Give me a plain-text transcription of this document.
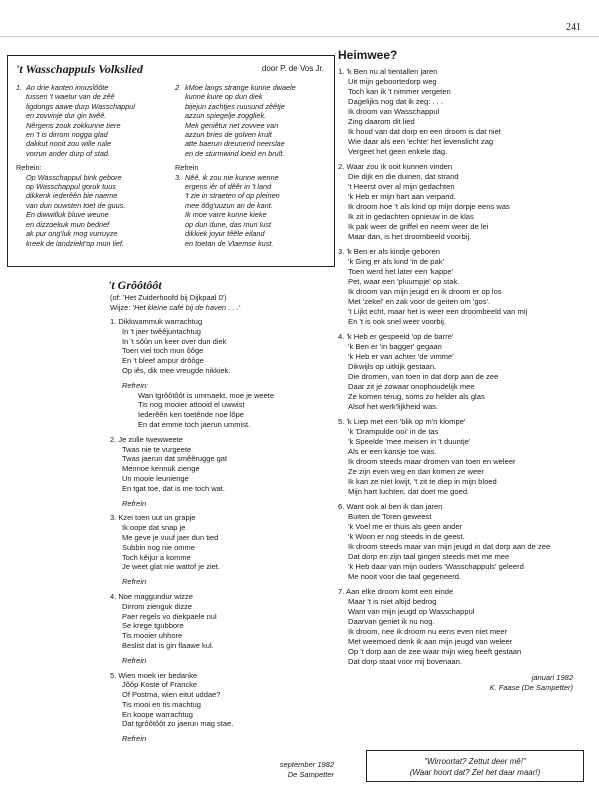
241
't Wasschappuls Volkslied	door P. de Vos Jr.
1. An drie kanten innuslôôte

tussen 't waetur van de zêê
ligdongs aawe durp Wasschappul
en zovvinje dur gin twêê.
Nêrgens zouk zokkunne tiere
en 't is dirrom nogga glad
dakkut nooit zou wille ruile
vorrun ander durp of stad.
Refrein:
Op Wasschappul bink gebore
op Wasschappul goruk tuus
dikkenk iederêên bie naeme
van dun ouwsten toet de guus.
En diwwilluk bluve weune
en dizzoekuk mun bedrief
ak pur ong'luk mog vurruyze
kreek de landziekt'op mun lief.
2. kMoe langs strange kunne dwaele

kunne kuire op dun diek
bijejun zachtjes ruusund zêêtje
azzun spiegelje zoggliek.
Mek geniêtur net zovvee van
azzun bries de golven krult
atte baerun dreunend neerslae
en de sturmwind loeid en brult.
Refrein
3. Nêê, ik zou nie kunne wenne

ergens iêr of dêêr in 't land
't zie in straeten of op pleinen
mee ôôg'uuzun an de kant.
Ik moe varre kunne kieke
op dun dune, das mun lust
dikkiek joyur têêle eiland
en toetan de Vlaemse kust.
't Grôôtôôt
(of: 'Het Zuiderhoofd bij Dijkpaal 0')
Wijze: 'Het kleine café bij de haven . . .'
1. Dikkwammuk warrachtug
In 't jaer twêêjuntachtug
In 't sôûn un keer over dun diek
Toen viel toch mun ôôge
En 't bleef ampur drôôge
Op iês, dik mee vreugde nikkiek.
Refrein:
Wan tgrôôtôôt is ummaekt, moe je weete
Tis nog mooier attooid el uwwist
Iederêên ken toetênde noe lôpe
En dat emme toch jaerun ummist.
2. Je zulle twewweete
Twas nie te vurgeete
Twas jaerun dat smêêrugge gat
Mennoe kennuk ziengе
Un mooie leunienge
En tgat toe, dat is me toch wat.
Refrein
3. Kzei toen uut un grapje
Ik oope dat snap je
Me geve je vuuf jaer dun tied
Subbin nog nie omme
Toch kêijur a komme
Je weet glat nie wattof je ziet.
Refrein
4. Noe maggundur wizze
Dirrom zienguk dizze
Paer regels vo diekpaele nul
Se krege tgubbore
Tis mooier uhhore
Beslist dat is gin flaawe kul.
Refrein
5. Wien moek ier bedanke
Jôôp Koste of Francke
Of Postma, wien eitut uddae?
Tis mooi en tis machtug
En koope warrachtug
Dat tgrôôtôôt zo jaerun mag stae.
Refrein
september 1982
De Sampetter
Heimwee?
1. 'k Ben nu al tientallen jaren
Uit mijn geboortedorp weg
Toch kan ik 't nimmer vergeten
Dagelijks nog dat ik zeg: . . .
Ik droom van Wasschappul
Zing daarom dit lied
Ik houd van dat dorp en een droom is dat niet
Wie daar als een 'echte' het levenslicht zag
Vergeet het geen enkele dag.
2. Waar zou ik ooit kunnen vinden
Die dijk en die duinen, dat strand
't Heerst over al mijn gedachten
'k Heb er mijn hart aan verpand.
Ik droom hoe 't als kind op mijn dorpje eens was
Ik zit in gedachten opnieuw in de klas
Ik pak weer de griffel en neem weer de lei
Maar dan, is het droombeeld voorbij.
3. 'k Ben er als kindje geboren
'k Ging er als kind 'in de pak'
Toen werd het later een 'kappe'
Pet, waar een 'pluumpje' op stak.
Ik droom van mijn jeugd en ik droom er op los
Met 'zekel' en zak voor de geiten om 'gos'.
't Lijkt echt, maar het is weer een droombeeld van mij
En 't is ook snel weer voorbij.
4. 'k Heb er gespeeld 'op de barre'
'k Ben er 'in bagger' gegaan
'k Heb er van achter 'de vimme'
Dikwijls op uitkijk gestaan.
Die dromen, van toen in dat dorp aan de zee
Daar zit je zowaar onophoudelijk mee
Ze komen terug, soms zo helder als glas
Alsof het werk'lijkheid was.
5. 'k Liep met een 'blik op m'n klompe'
'k 'Drampulde ooi' in de tas
'k Speelde 'mee meisen in 't duuntje'
Als er een kansje toe was.
Ik droom steeds maar dromen van toen en weleer
Ze zijn even weg en dan komen ze weer
Ik kan ze niet kwijt, 't zit te diep in mijn bloed
Mijn hart luchten, dat doet me goed.
6. Want ook al ben ik dan jaren
Buiten de Toren geweest
'k Voel me er thuis als geen ander
'k Woon er nog steeds in de geest.
Ik droom steeds maar van mijn jeugd in dat dorp aan de zee
Dat dorp en zijn taal gingen steeds met me mee
'k Heb daar van mijn ouders 'Wasschappuls' geleerd
Me nooit voor die taal gegeneerd.
7. Aan elke droom komt een einde
Maar 't is niet altijd bedrog
Want van mijn jeugd op Wasschappul
Daarvan geniet ik nu nog.
Ik droom, nee ik droom nu eens even niet meer
Met weemoed denk ik aan mijn jeugd van weleer
Op 't dorp aan de zee waar mijn wieg heeft gestaan
Dat dorp staat voor mij bovenaan.
januari 1982
K. Faase (De Sampetter)
"Wirroortat? Zettut deer mê!"
(Waar hoort dat? Zet het daar maar!)
